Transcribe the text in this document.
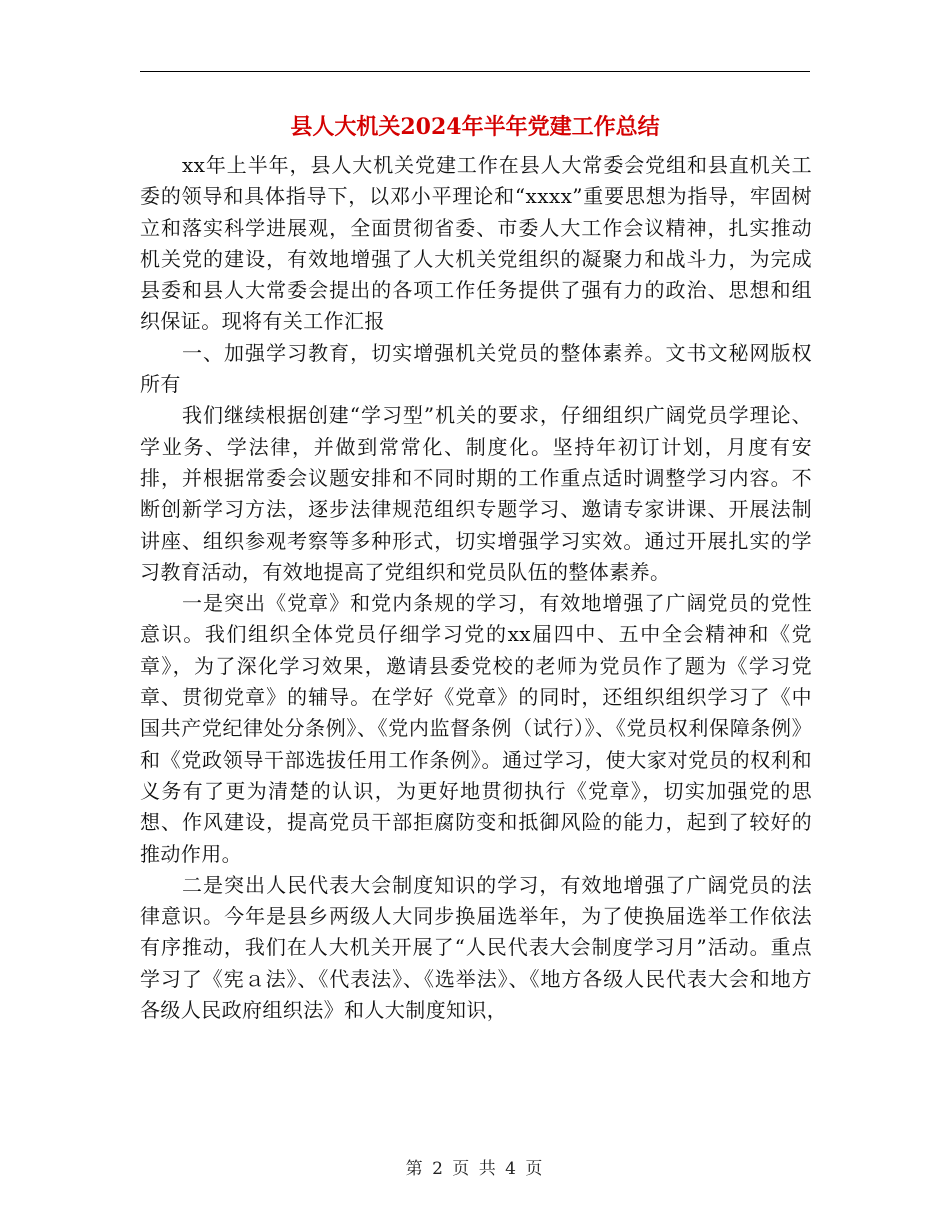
县人大机关2024年半年党建工作总结

xx年上半年，县人大机关党建工作在县人大常委会党组和县直机关工委的领导和具体指导下，以邓小平理论和“xxxx”重要思想为指导，牢固树立和落实科学进展观，全面贯彻省委、市委人大工作会议精神，扎实推动机关党的建设，有效地增强了人大机关党组织的凝聚力和战斗力，为完成县委和县人大常委会提出的各项工作任务提供了强有力的政治、思想和组织保证。现将有关工作汇报

一、加强学习教育，切实增强机关党员的整体素养。文书文秘网版权所有

我们继续根据创建“学习型”机关的要求，仔细组织广阔党员学理论、学业务、学法律，并做到常常化、制度化。坚持年初订计划，月度有安排，并根据常委会议题安排和不同时期的工作重点适时调整学习内容。不断创新学习方法，逐步法律规范组织专题学习、邀请专家讲课、开展法制讲座、组织参观考察等多种形式，切实增强学习实效。通过开展扎实的学习教育活动，有效地提高了党组织和党员队伍的整体素养。

一是突出《党章》和党内条规的学习，有效地增强了广阔党员的党性意识。我们组织全体党员仔细学习党的xx届四中、五中全会精神和《党章》，为了深化学习效果，邀请县委党校的老师为党员作了题为《学习党章、贯彻党章》的辅导。在学好《党章》的同时，还组织组织学习了《中国共产党纪律处分条例》、《党内监督条例（试行）》、《党员权利保障条例》和《党政领导干部选拔任用工作条例》。通过学习，使大家对党员的权利和义务有了更为清楚的认识，为更好地贯彻执行《党章》，切实加强党的思想、作风建设，提高党员干部拒腐防变和抵御风险的能力，起到了较好的推动作用。

二是突出人民代表大会制度知识的学习，有效地增强了广阔党员的法律意识。今年是县乡两级人大同步换届选举年，为了使换届选举工作依法有序推动，我们在人大机关开展了“人民代表大会制度学习月”活动。重点学习了《宪ａ法》、《代表法》、《选举法》、《地方各级人民代表大会和地方各级人民政府组织法》和人大制度知识，

第 2 页 共 4 页
